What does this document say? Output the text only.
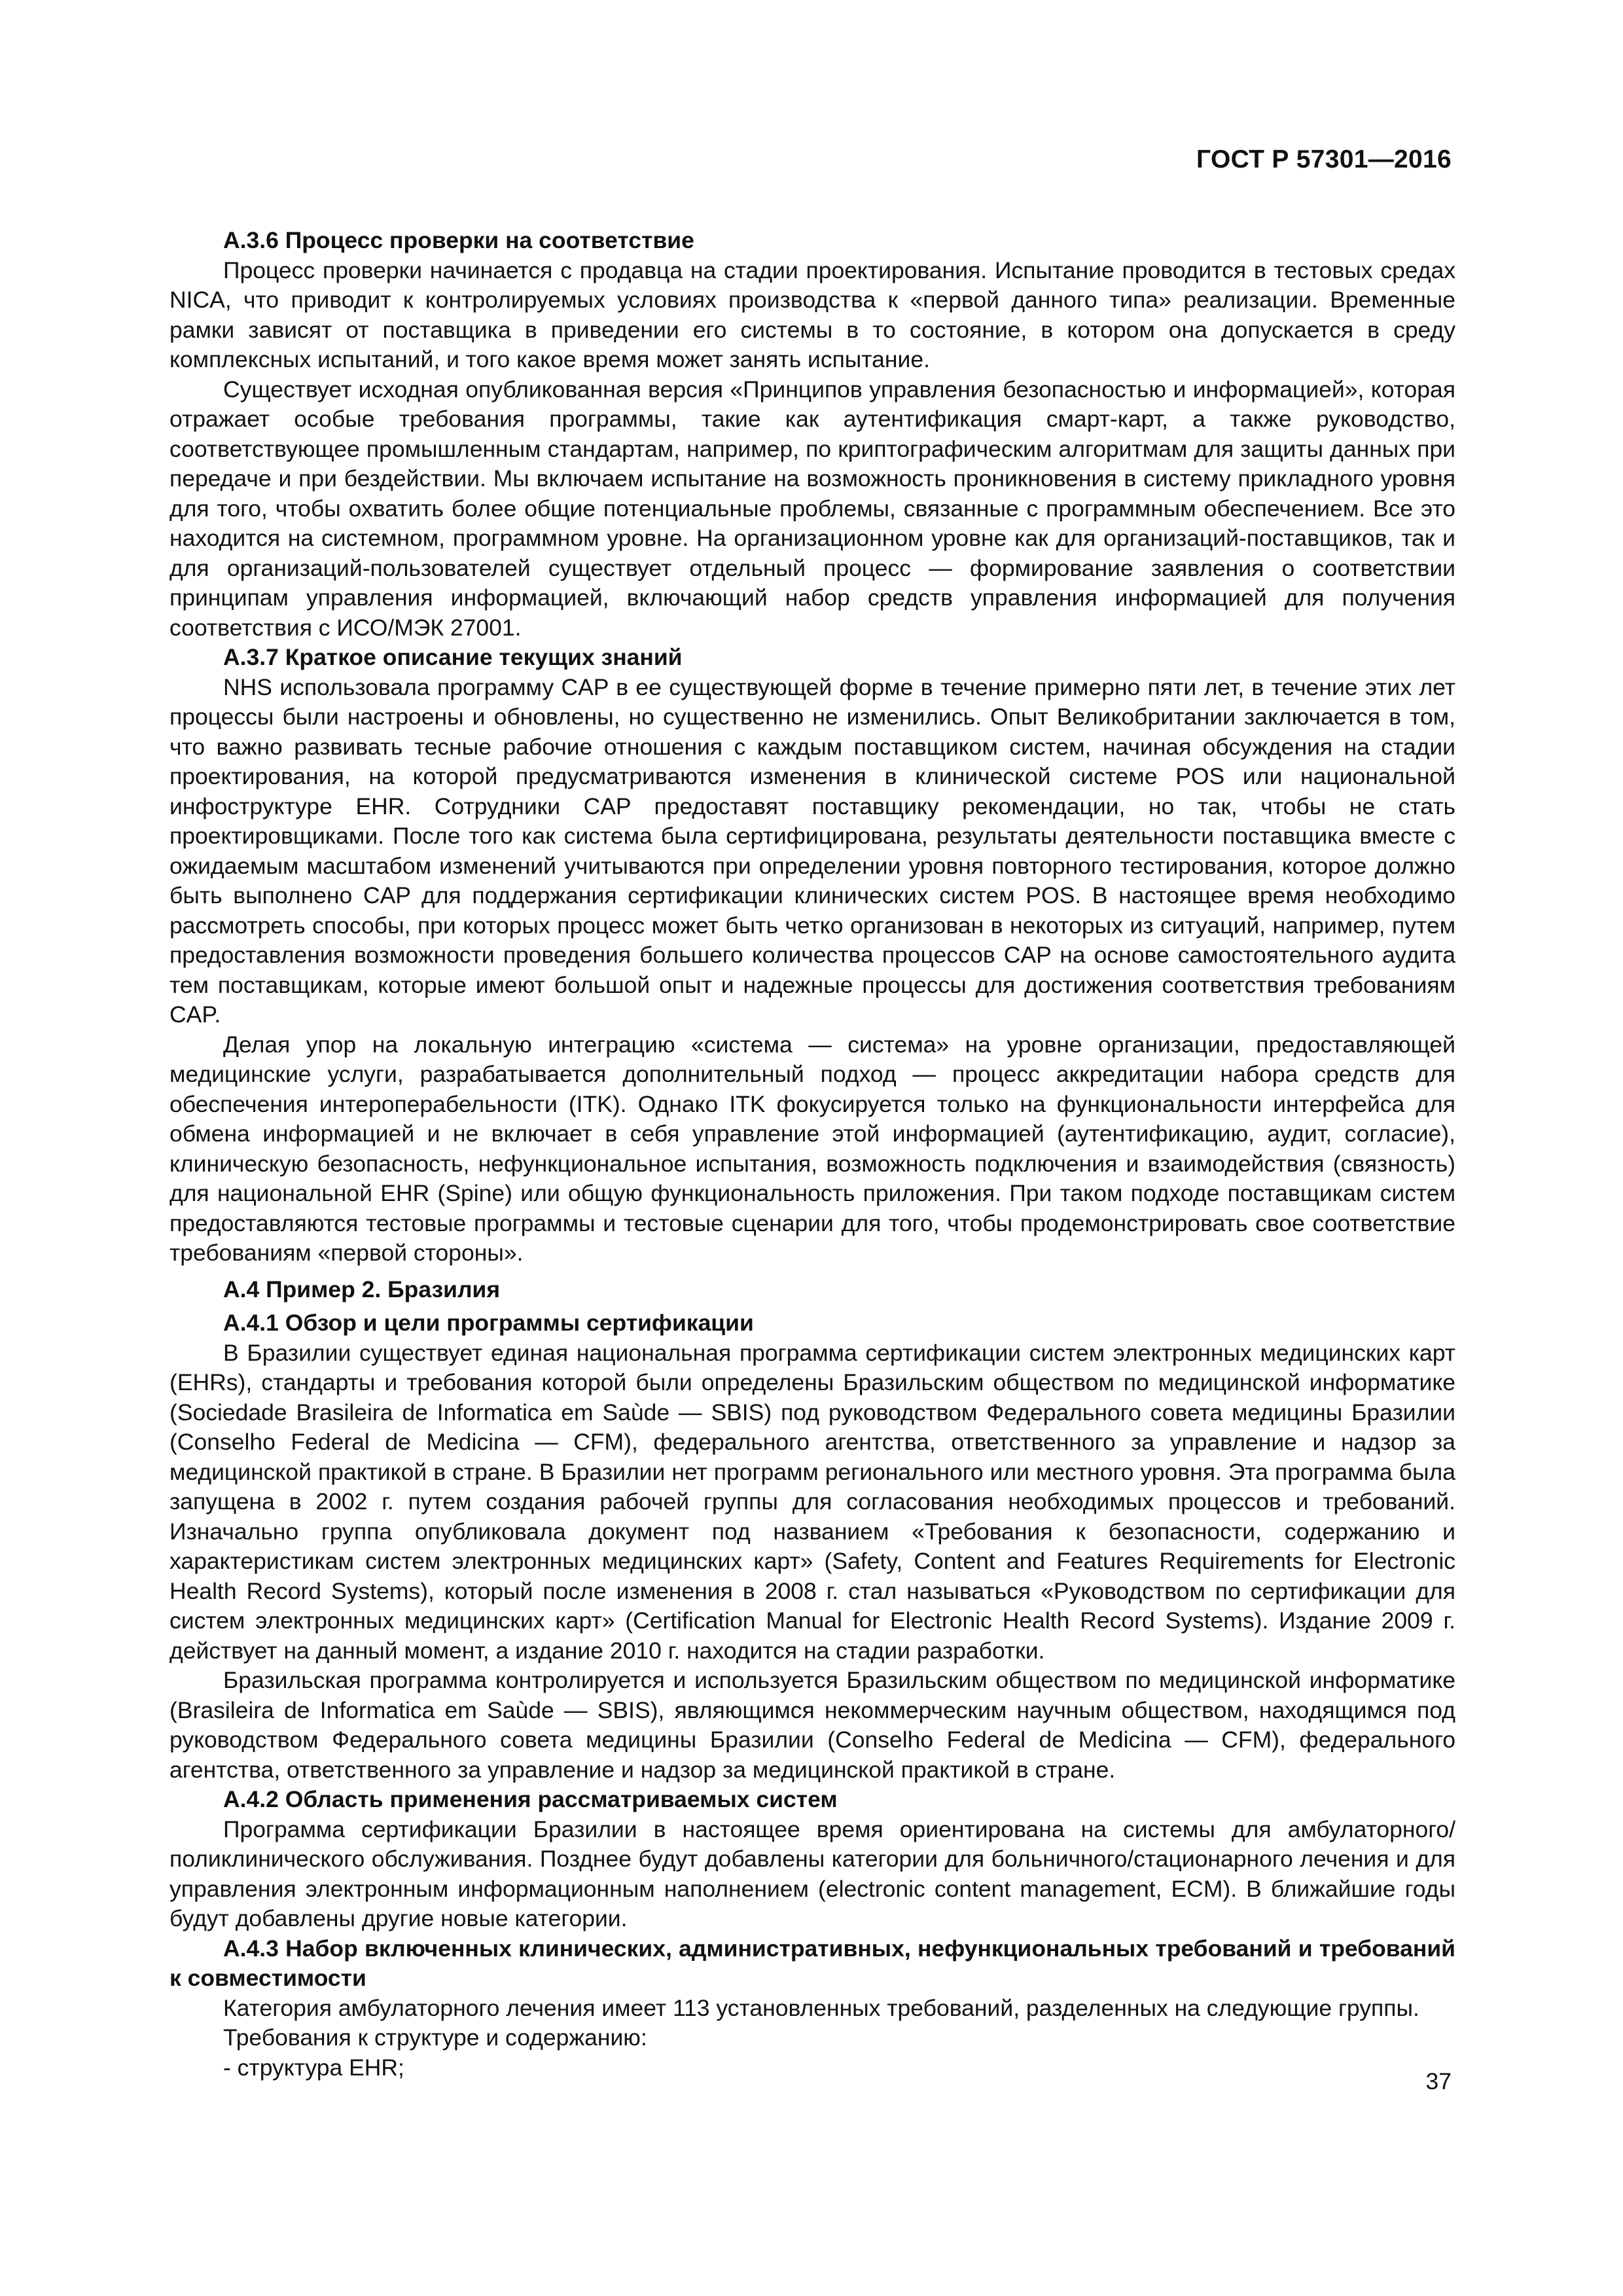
ГОСТ Р 57301—2016
А.3.6 Процесс проверки на соответствие

Процесс проверки начинается с продавца на стадии проектирования. Испытание проводится в тестовых средах NICA, что приводит к контролируемых условиях производства к «первой данного типа» реализации. Временные рамки зависят от поставщика в приведении его системы в то состояние, в котором она допускается в среду комплексных испытаний, и того какое время может занять испытание.

Существует исходная опубликованная версия «Принципов управления безопасностью и информацией», которая отражает особые требования программы, такие как аутентификация смарт-карт, а также руководство, соответствующее промышленным стандартам, например, по криптографическим алгоритмам для защиты данных при передаче и при бездействии. Мы включаем испытание на возможность проникновения в систему прикладного уровня для того, чтобы охватить более общие потенциальные проблемы, связанные с программным обеспечением. Все это находится на системном, программном уровне. На организационном уровне как для организаций-поставщиков, так и для организаций-пользователей существует отдельный процесс — формирование заявления о соответствии принципам управления информацией, включающий набор средств управления информацией для получения соответствия с ИСО/МЭК 27001.

А.3.7 Краткое описание текущих знаний

NHS использовала программу CAP в ее существующей форме в течение примерно пяти лет, в течение этих лет процессы были настроены и обновлены, но существенно не изменились. Опыт Великобритании заключается в том, что важно развивать тесные рабочие отношения с каждым поставщиком систем, начиная обсуждения на стадии проектирования, на которой предусматриваются изменения в клинической системе POS или национальной инфоструктуре EHR. Сотрудники CAP предоставят поставщику рекомендации, но так, чтобы не стать проектировщиками. После того как система была сертифицирована, результаты деятельности поставщика вместе с ожидаемым масштабом изменений учитываются при определении уровня повторного тестирования, которое должно быть выполнено CAP для поддержания сертификации клинических систем POS. В настоящее время необходимо рассмотреть способы, при которых процесс может быть четко организован в некоторых из ситуаций, например, путем предоставления возможности проведения большего количества процессов CAP на основе самостоятельного аудита тем поставщикам, которые имеют большой опыт и надежные процессы для достижения соответствия требованиям CAP.

Делая упор на локальную интеграцию «система — система» на уровне организации, предоставляющей медицинские услуги, разрабатывается дополнительный подход — процесс аккредитации набора средств для обеспечения интероперабельности (ITK). Однако ITK фокусируется только на функциональности интерфейса для обмена информацией и не включает в себя управление этой информацией (аутентификацию, аудит, согласие), клиническую безопасность, нефункциональное испытания, возможность подключения и взаимодействия (связность) для национальной EHR (Spine) или общую функциональность приложения. При таком подходе поставщикам систем предоставляются тестовые программы и тестовые сценарии для того, чтобы продемонстрировать свое соответствие требованиям «первой стороны».

А.4 Пример 2. Бразилия
А.4.1 Обзор и цели программы сертификации

В Бразилии существует единая национальная программа сертификации систем электронных медицинских карт (EHRs), стандарты и требования которой были определены Бразильским обществом по медицинской информатике (Sociedade Brasileira de Informatica em Saùde — SBIS) под руководством Федерального совета медицины Бразилии (Conselho Federal de Medicina — CFM), федерального агентства, ответственного за управление и надзор за медицинской практикой в стране. В Бразилии нет программ регионального или местного уровня. Эта программа была запущена в 2002 г. путем создания рабочей группы для согласования необходимых процессов и требований. Изначально группа опубликовала документ под названием «Требования к безопасности, содержанию и характеристикам систем электронных медицинских карт» (Safety, Content and Features Requirements for Electronic Health Record Systems), который после изменения в 2008 г. стал называться «Руководством по сертификации для систем электронных медицинских карт» (Certification Manual for Electronic Health Record Systems). Издание 2009 г. действует на данный момент, а издание 2010 г. находится на стадии разработки.

Бразильская программа контролируется и используется Бразильским обществом по медицинской информатике (Brasileira de Informatica em Saùde — SBIS), являющимся некоммерческим научным обществом, находящимся под руководством Федерального совета медицины Бразилии (Conselho Federal de Medicina — CFM), федерального агентства, ответственного за управление и надзор за медицинской практикой в стране.

А.4.2 Область применения рассматриваемых систем

Программа сертификации Бразилии в настоящее время ориентирована на системы для амбулаторного/поликлинического обслуживания. Позднее будут добавлены категории для больничного/стационарного лечения и для управления электронным информационным наполнением (electronic content management, ECM). В ближайшие годы будут добавлены другие новые категории.

А.4.3 Набор включенных клинических, административных, нефункциональных требований и требований к совместимости

Категория амбулаторного лечения имеет 113 установленных требований, разделенных на следующие группы.

Требования к структуре и содержанию:

- структура EHR;

37
